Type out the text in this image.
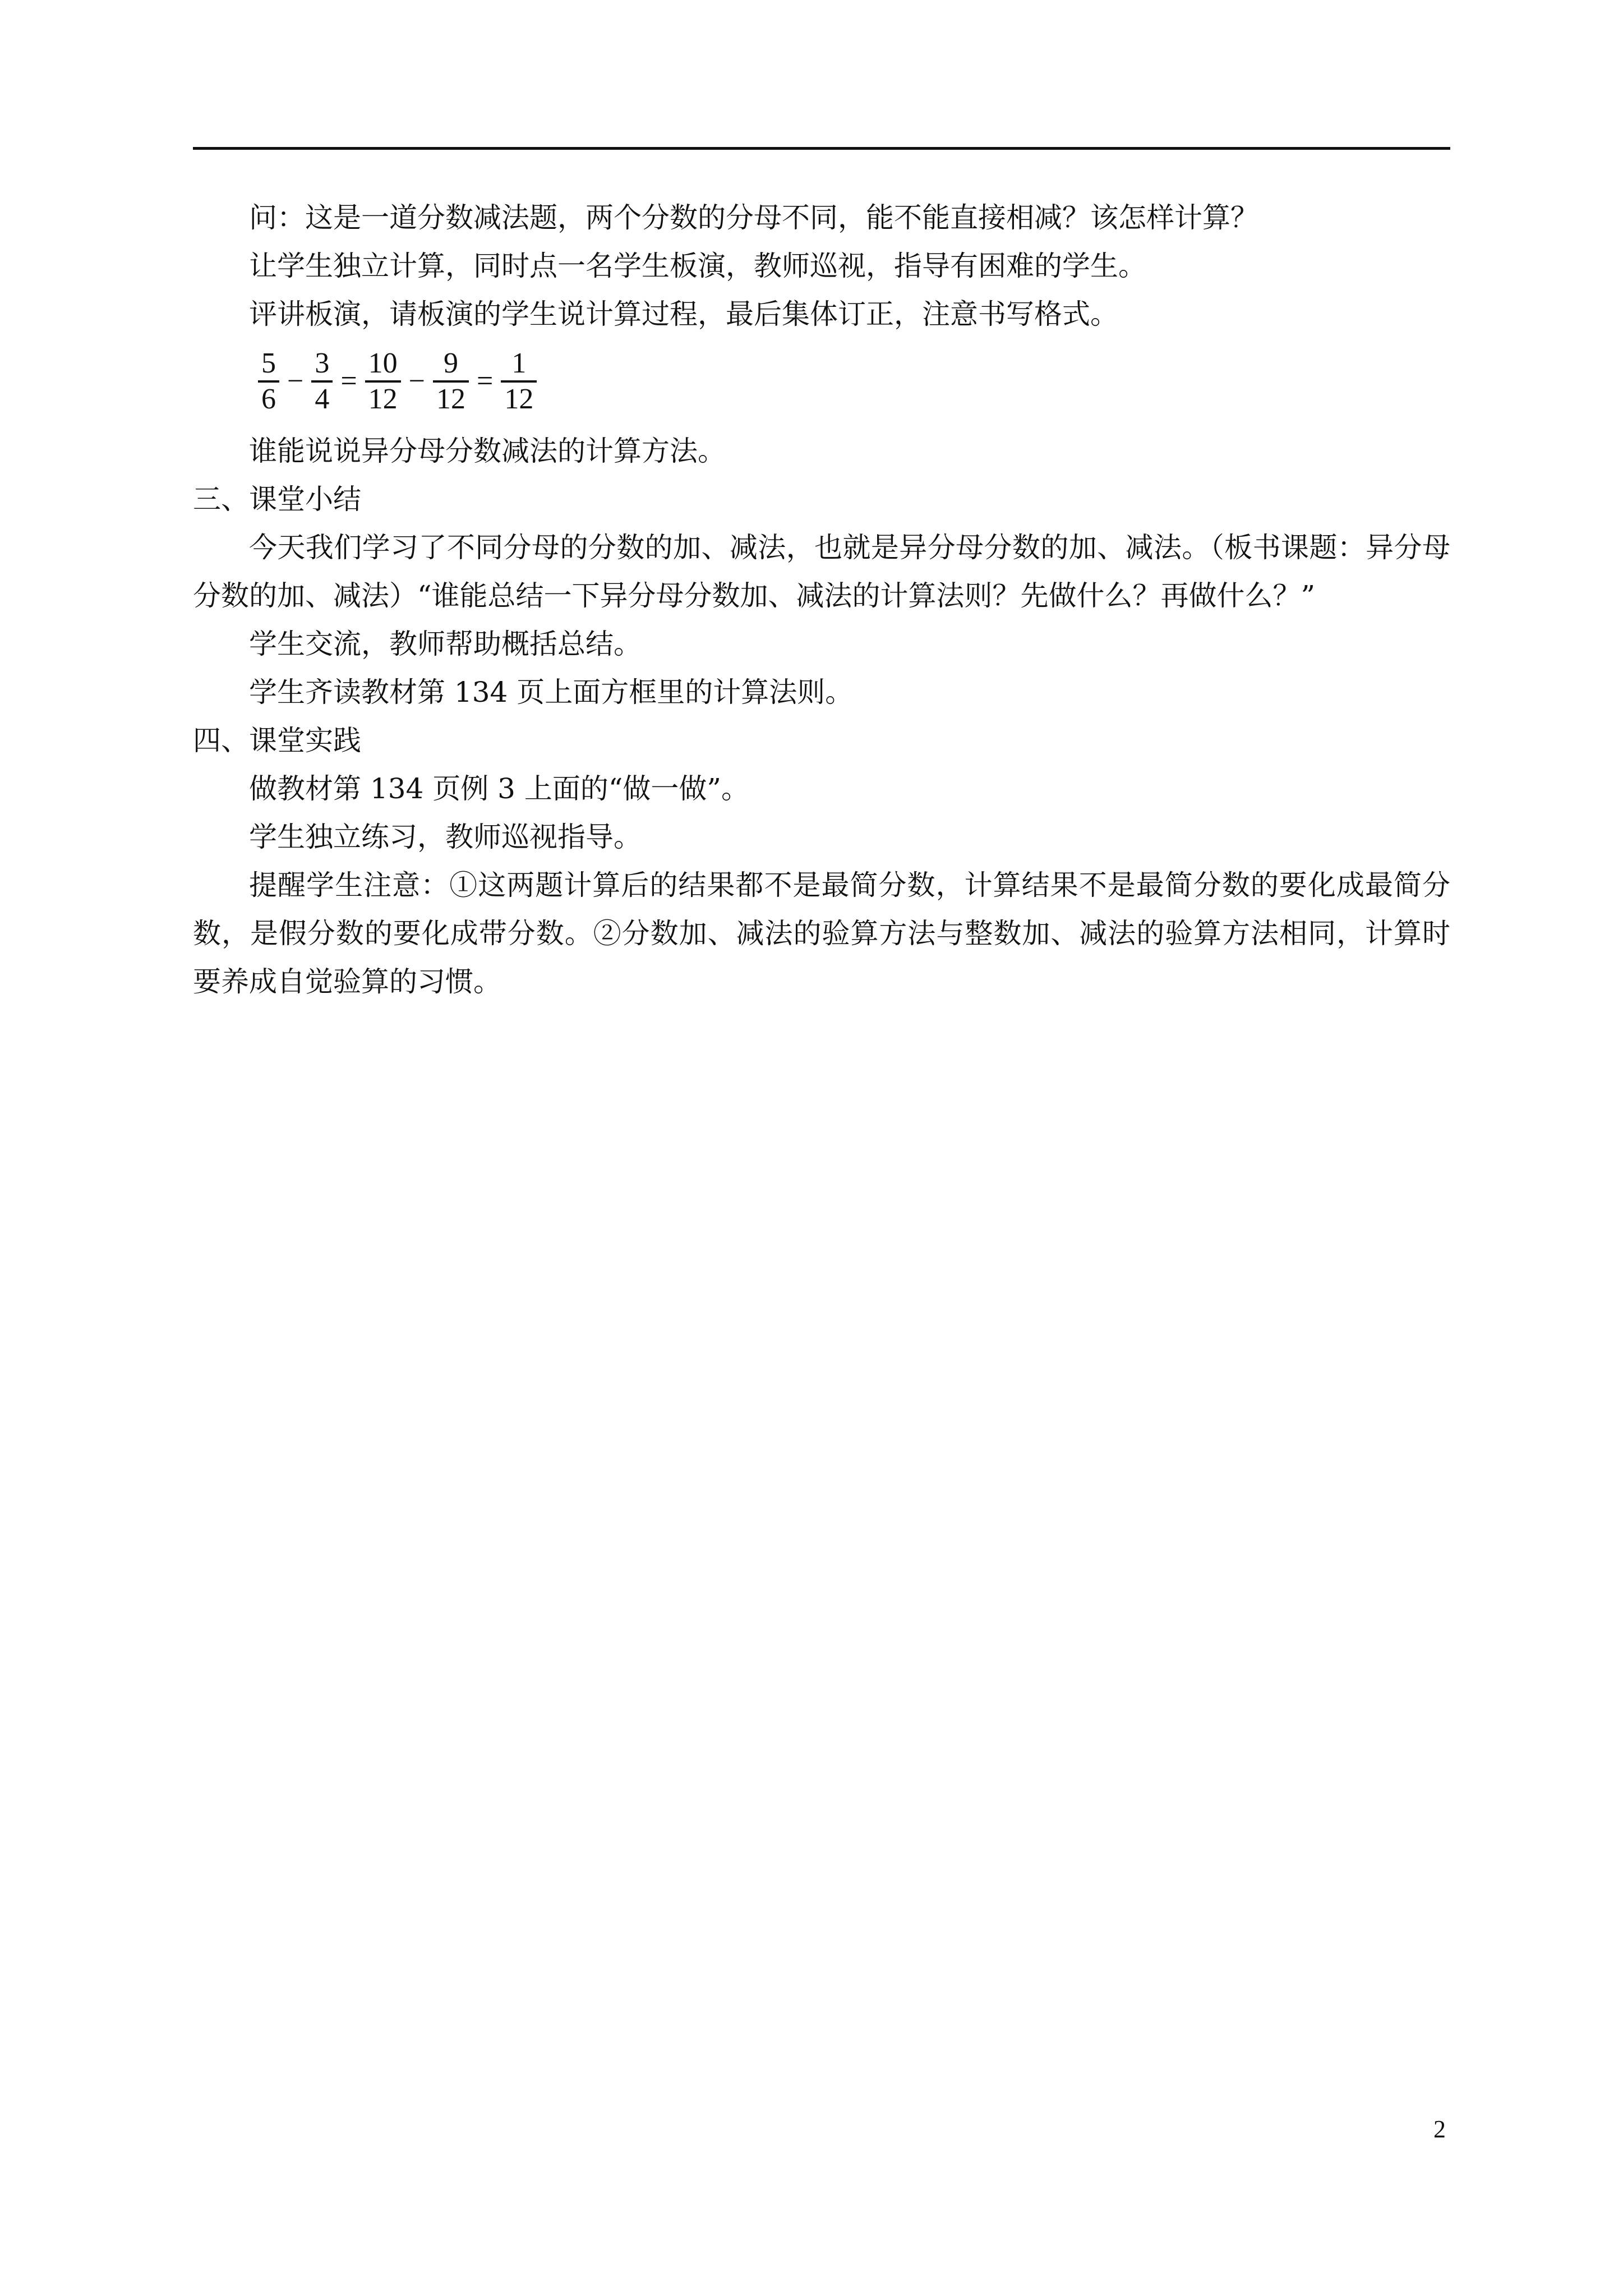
问：这是一道分数减法题，两个分数的分母不同，能不能直接相减？该怎样计算？

让学生独立计算，同时点一名学生板演，教师巡视，指导有困难的学生。

评讲板演，请板演的学生说计算过程，最后集体订正，注意书写格式。

$\frac{5}{6} - \frac{3}{4} = \frac{10}{12} - \frac{9}{12} = \frac{1}{12}$

谁能说说异分母分数减法的计算方法。

三、课堂小结

今天我们学习了不同分母的分数的加、减法，也就是异分母分数的加、减法。（板书课题：异分母分数的加、减法）“谁能总结一下异分母分数加、减法的计算法则？先做什么？再做什么？”

学生交流，教师帮助概括总结。

学生齐读教材第 134 页上面方框里的计算法则。

四、课堂实践

做教材第 134 页例 3 上面的“做一做”。

学生独立练习，教师巡视指导。

提醒学生注意：①这两题计算后的结果都不是最简分数，计算结果不是最简分数的要化成最简分数，是假分数的要化成带分数。②分数加、减法的验算方法与整数加、减法的验算方法相同，计算时要养成自觉验算的习惯。

2
